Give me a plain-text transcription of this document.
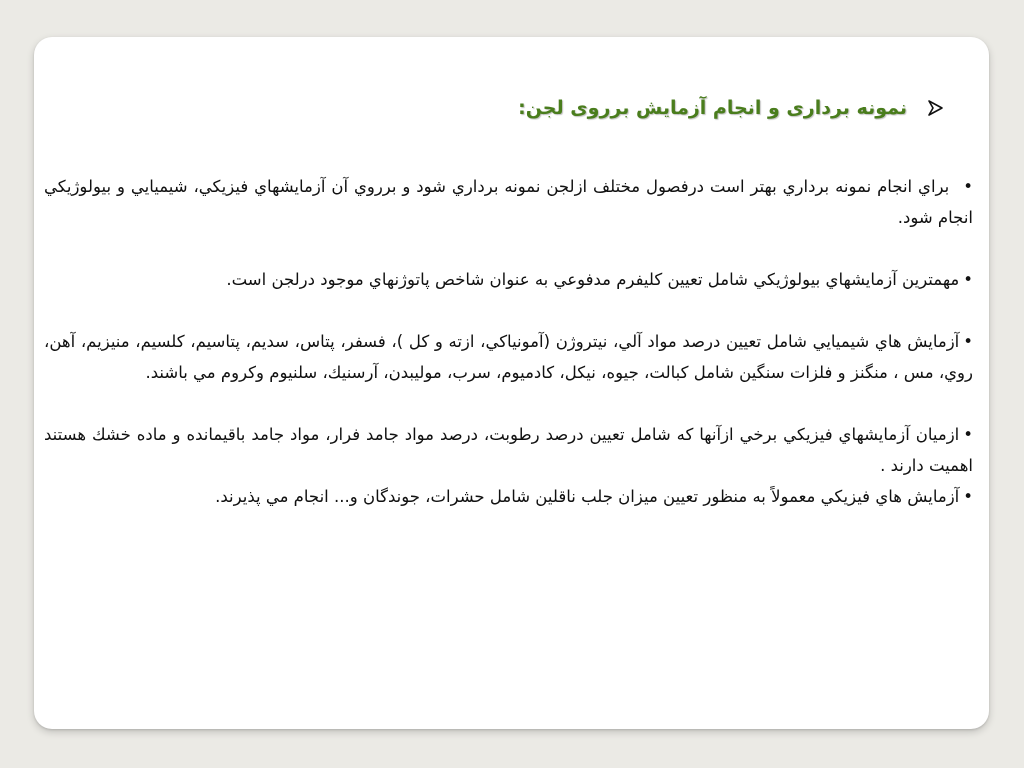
نمونه برداری و انجام آزمایش برروی لجن:

•براي انجام نمونه برداري بهتر است درفصول مختلف ازلجن نمونه برداري شود و برروي آن آزمايشهاي فيزيكي، شيميايي و بيولوژيكي انجام شود.

•مهمترين آزمايشهاي بيولوژيكي شامل تعيين كليفرم مدفوعي به عنوان شاخص پاتوژنهاي موجود درلجن است.

•آزمايش هاي شيميايي شامل تعيين درصد مواد آلي، نيتروژن (آمونياكي، ازته و كل )، فسفر، پتاس، سديم، پتاسيم، كلسيم، منيزيم، آهن، روي، مس ، منگنز و فلزات سنگين شامل كبالت، جيوه، نيكل، كادميوم، سرب، موليبدن، آرسنيك، سلنيوم وكروم مي باشند.

•ازميان آزمايشهاي فيزيكي برخي ازآنها كه شامل تعيين درصد رطوبت، درصد مواد جامد فرار، مواد جامد باقيمانده و ماده خشك هستند اهميت دارند .

•آزمايش هاي فيزيكي معمولاً به منظور تعيين ميزان جلب ناقلين شامل حشرات، جوندگان و... انجام مي پذيرند.
